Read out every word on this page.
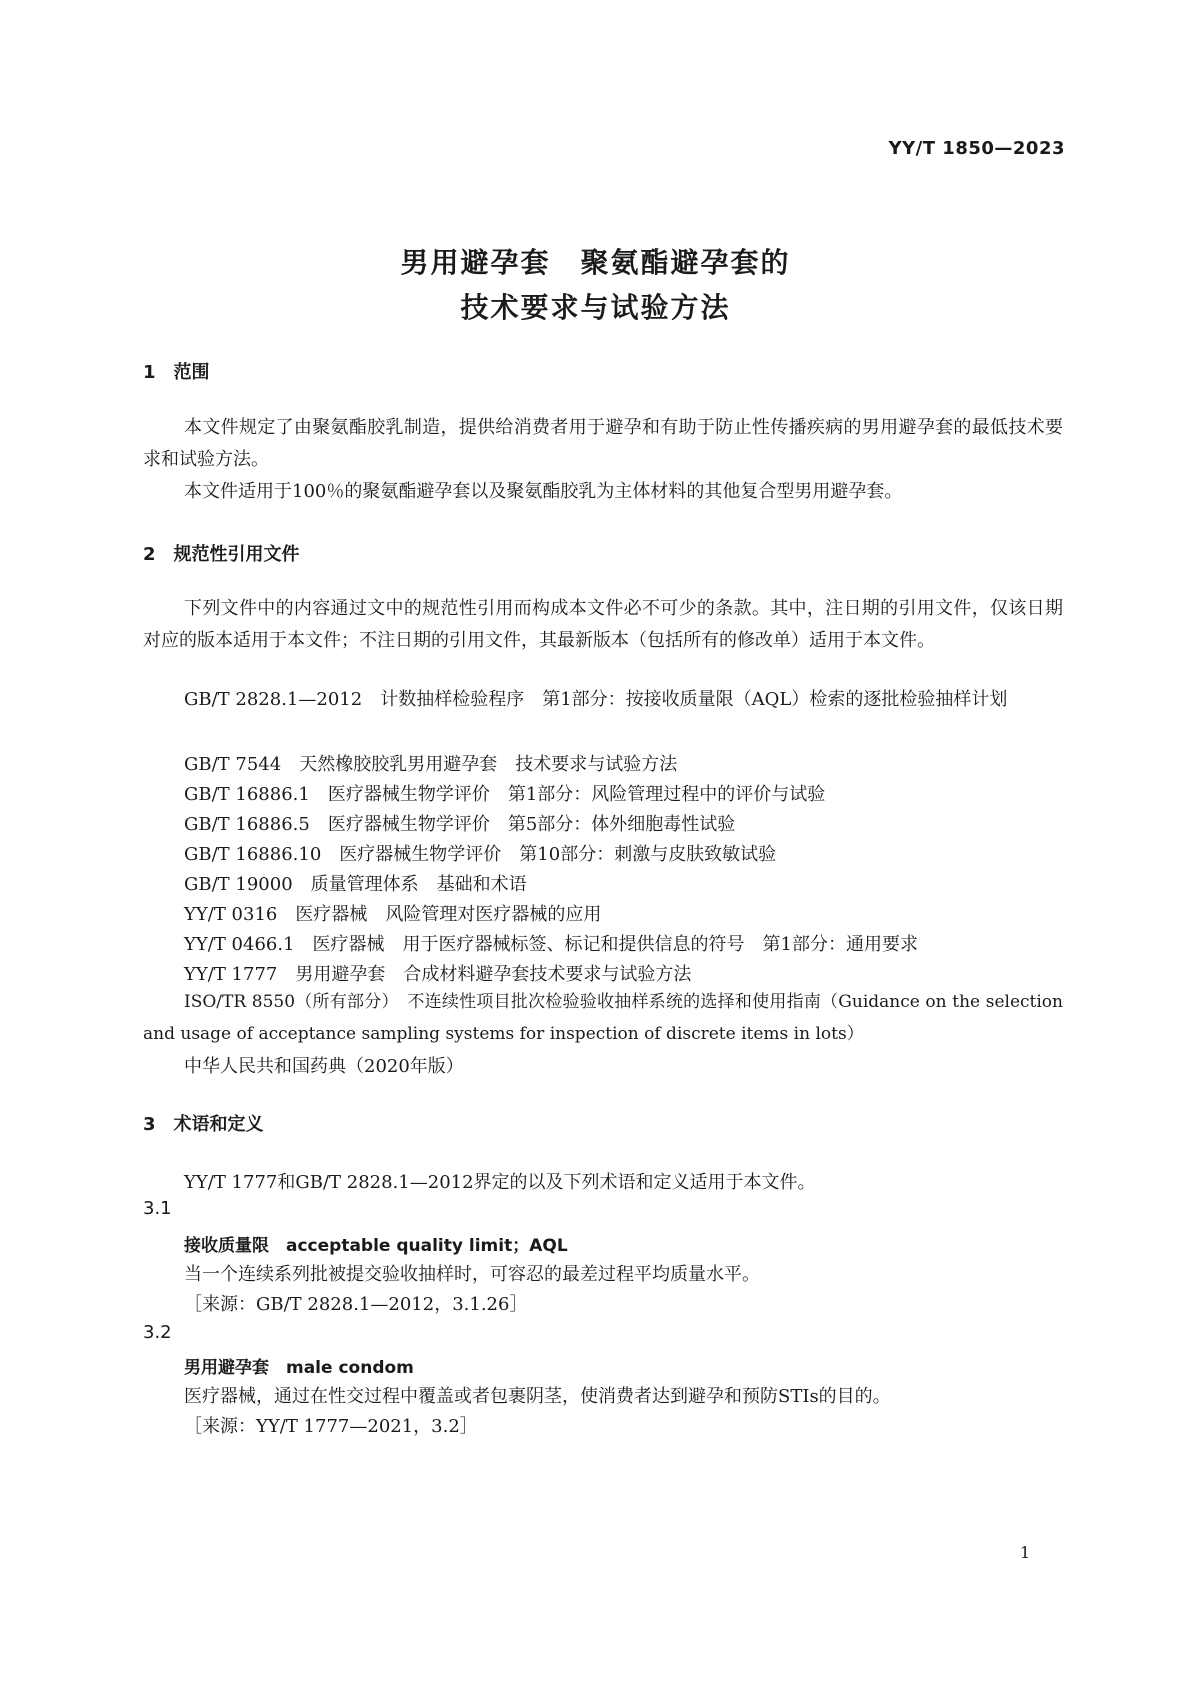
YY/T 1850—2023
男用避孕套　聚氨酯避孕套的
技术要求与试验方法
1　范围
本文件规定了由聚氨酯胶乳制造，提供给消费者用于避孕和有助于防止性传播疾病的男用避孕套的最低技术要求和试验方法。
本文件适用于100％的聚氨酯避孕套以及聚氨酯胶乳为主体材料的其他复合型男用避孕套。
2　规范性引用文件
下列文件中的内容通过文中的规范性引用而构成本文件必不可少的条款。其中，注日期的引用文件，仅该日期对应的版本适用于本文件；不注日期的引用文件，其最新版本（包括所有的修改单）适用于本文件。
GB/T 2828.1—2012　计数抽样检验程序　第1部分：按接收质量限（AQL）检索的逐批检验抽样计划
GB/T 7544　天然橡胶胶乳男用避孕套　技术要求与试验方法
GB/T 16886.1　医疗器械生物学评价　第1部分：风险管理过程中的评价与试验
GB/T 16886.5　医疗器械生物学评价　第5部分：体外细胞毒性试验
GB/T 16886.10　医疗器械生物学评价　第10部分：刺激与皮肤致敏试验
GB/T 19000　质量管理体系　基础和术语
YY/T 0316　医疗器械　风险管理对医疗器械的应用
YY/T 0466.1　医疗器械　用于医疗器械标签、标记和提供信息的符号　第1部分：通用要求
YY/T 1777　男用避孕套　合成材料避孕套技术要求与试验方法
ISO/TR 8550（所有部分）　不连续性项目批次检验验收抽样系统的选择和使用指南（Guidance on the selection and usage of acceptance sampling systems for inspection of discrete items in lots）
中华人民共和国药典（2020年版）
3　术语和定义
YY/T 1777和GB/T 2828.1—2012界定的以及下列术语和定义适用于本文件。
3.1
接收质量限　acceptable quality limit；AQL
当一个连续系列批被提交验收抽样时，可容忍的最差过程平均质量水平。
［来源：GB/T 2828.1—2012，3.1.26］
3.2
男用避孕套　male condom
医疗器械，通过在性交过程中覆盖或者包裹阴茎，使消费者达到避孕和预防STIs的目的。
［来源：YY/T 1777—2021，3.2］
1
